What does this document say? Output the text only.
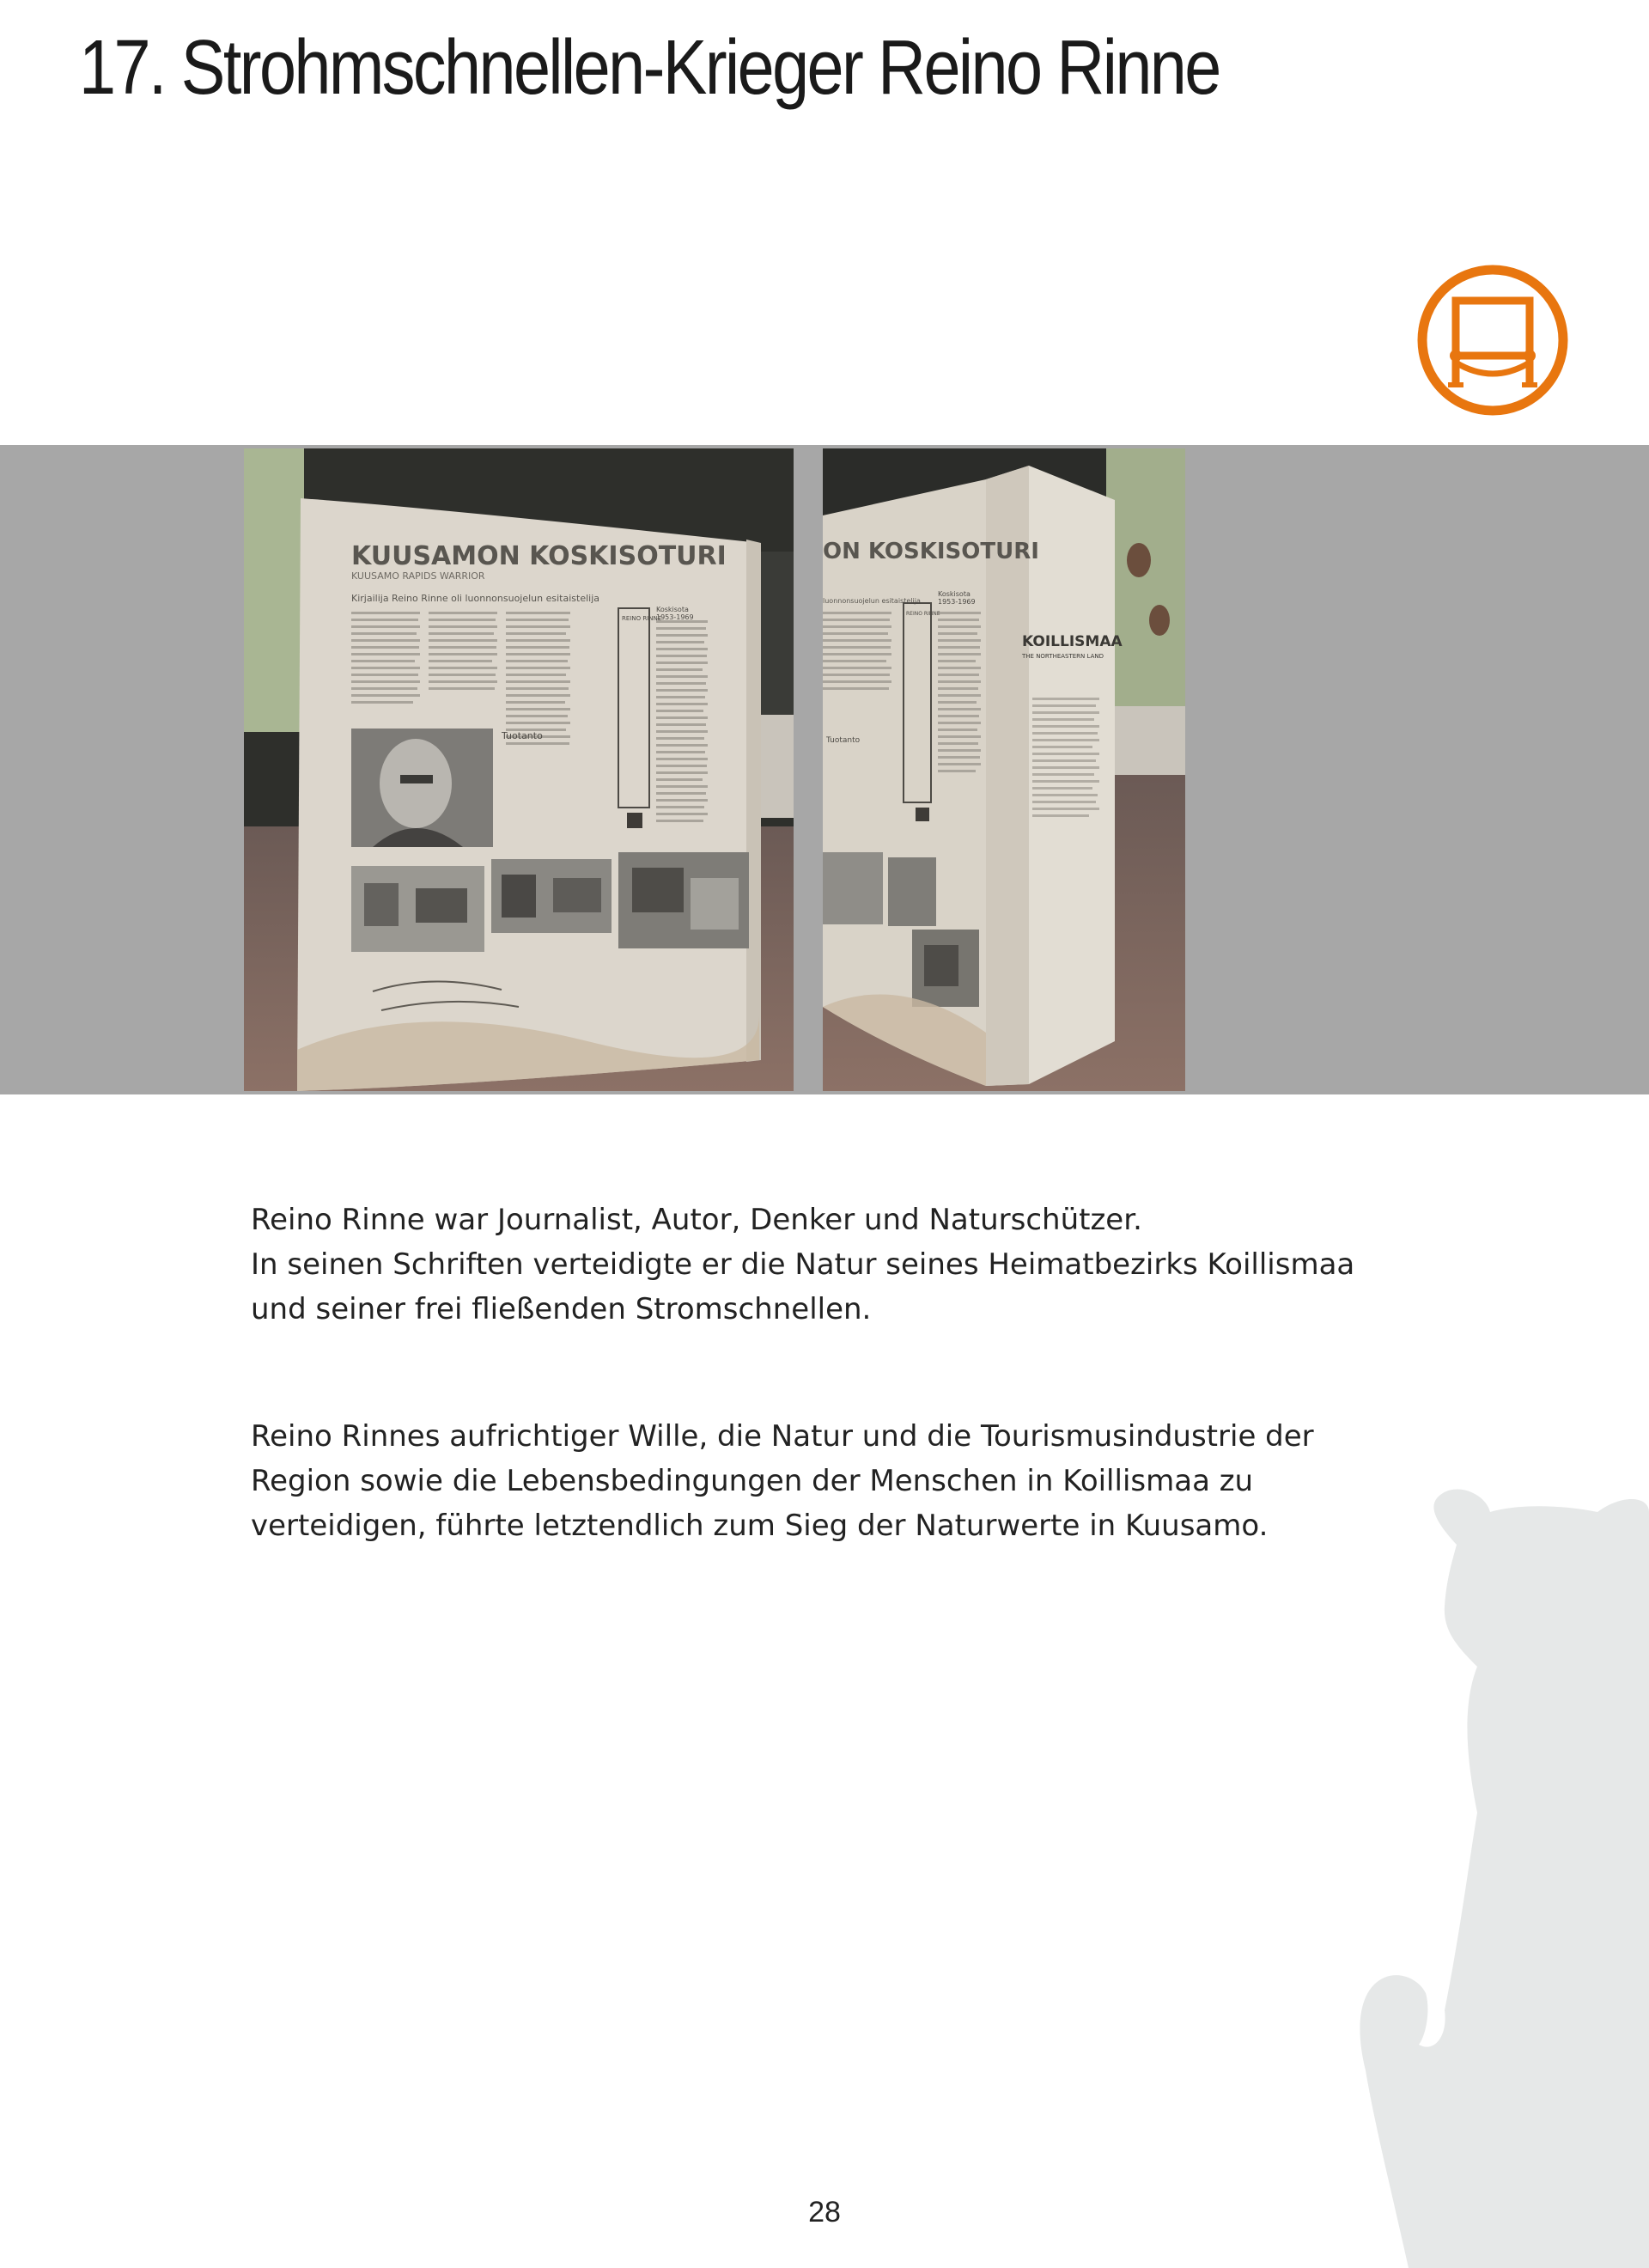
17. Strohmschnellen-Krieger Reino Rinne
KUUSAMON KOSKISOTURI
KUUSAMO RAPIDS WARRIOR
Kirjailija Reino Rinne oli luonnonsuojelun esitaistelija
REINO RINNE
Koskisota
1953-1969
Tuotanto
ON KOSKISOTURI
luonnonsuojelun esitaistelija
REINO RINNE
Koskisota
1953-1969
Tuotanto
KOILLISMAA
THE NORTHEASTERN LAND

Reino Rinne war Journalist, Autor, Denker und Naturschützer.
In seinen Schriften verteidigte er die Natur seines Heimatbezirks Koillismaa
und seiner frei fließenden Stromschnellen.

Reino Rinnes aufrichtiger Wille, die Natur und die Tourismusindustrie der
Region sowie die Lebensbedingungen der Menschen in Koillismaa zu
verteidigen, führte letztendlich zum Sieg der Naturwerte in Kuusamo.

28
